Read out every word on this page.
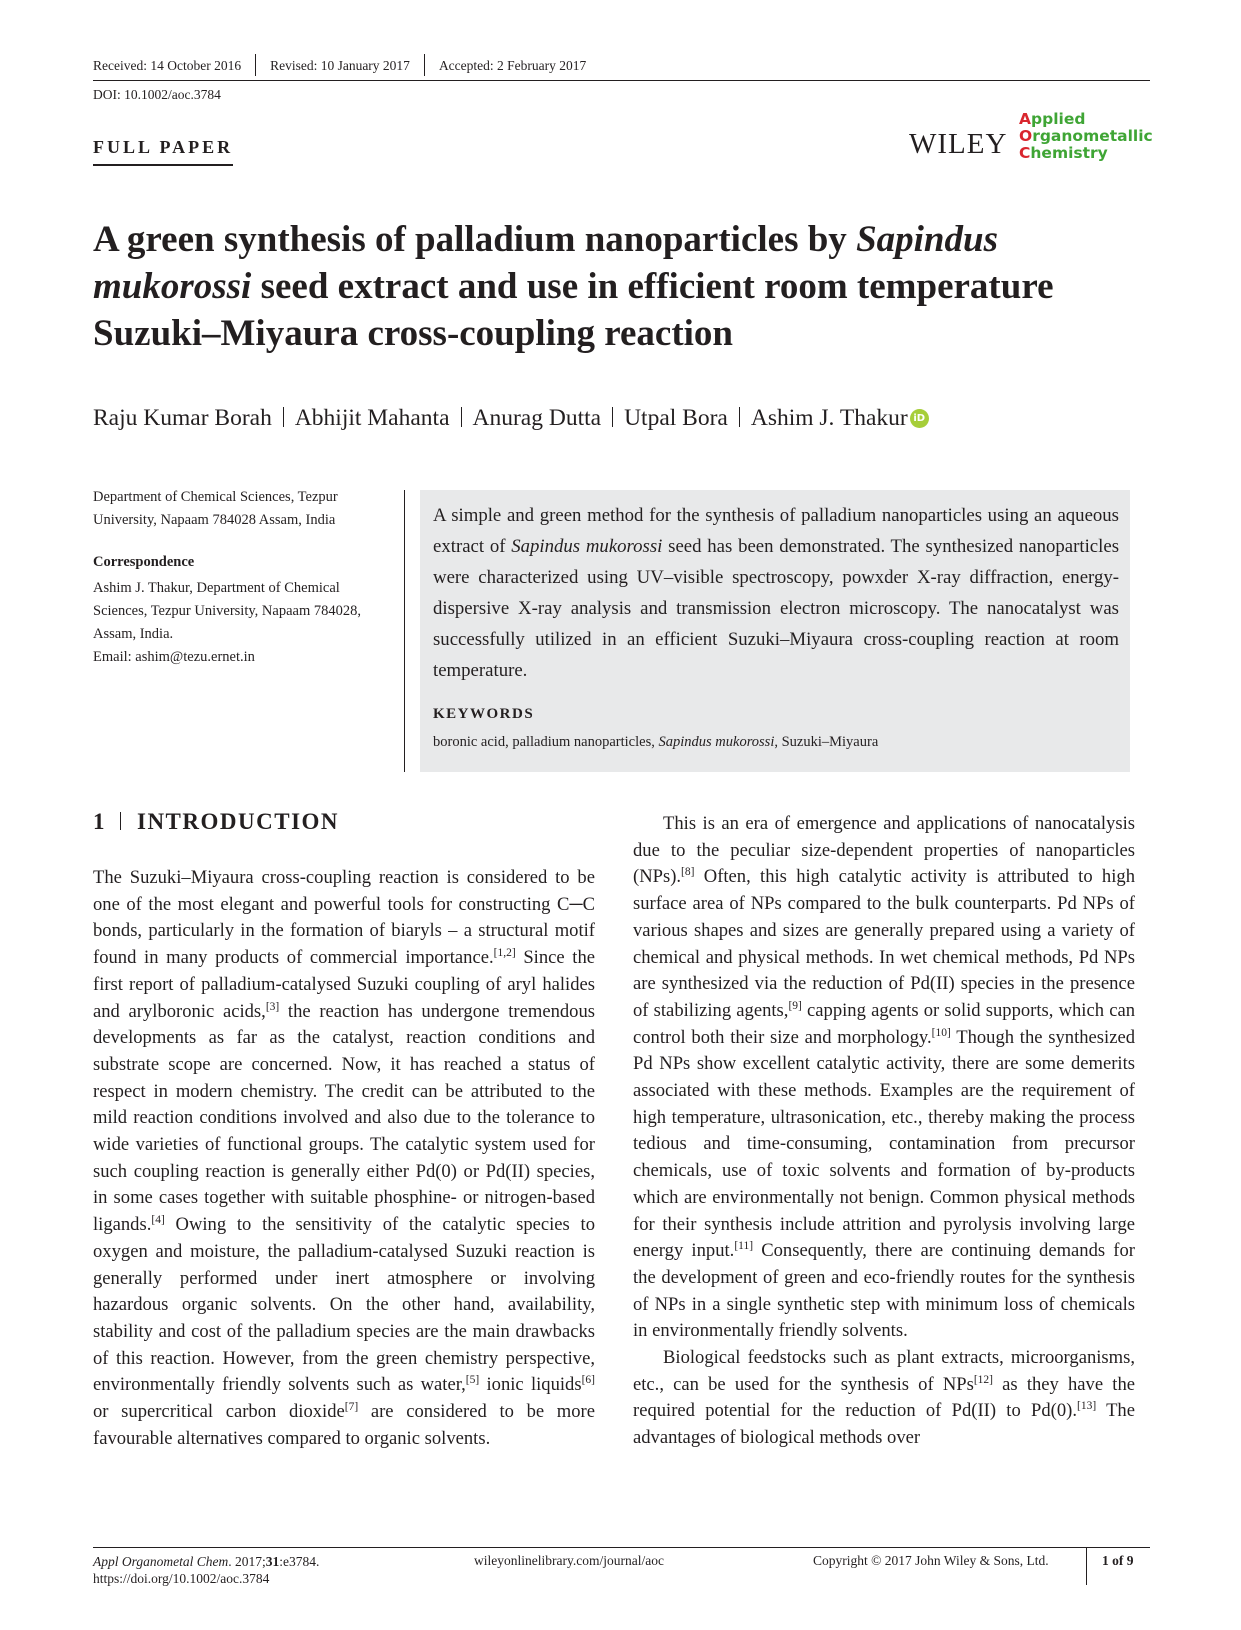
Received: 14 October 2016 Revised: 10 January 2017 Accepted: 2 February 2017
DOI: 10.1002/aoc.3784
FULL PAPER	WILEY
Applied
Organometallic
Chemistry
A green synthesis of palladium nanoparticles by Sapindus
mukorossi seed extract and use in efficient room temperature
Suzuki–Miyaura cross-coupling reaction
Raju Kumar Borah Abhijit Mahanta Anurag Dutta Utpal Bora Ashim J. Thakur iD
Department of Chemical Sciences, Tezpur University, Napaam 784028 Assam, India
Correspondence
Ashim J. Thakur, Department of Chemical Sciences, Tezpur University, Napaam 784028, Assam, India.
Email: ashim@tezu.ernet.in
A simple and green method for the synthesis of palladium nanoparticles using an aqueous extract of Sapindus mukorossi seed has been demonstrated. The synthesized nanoparticles were characterized using UV–visible spectroscopy, powxder X-ray diffraction, energy-dispersive X-ray analysis and transmission electron microscopy. The nanocatalyst was successfully utilized in an efficient Suzuki–Miyaura cross-coupling reaction at room temperature.
KEYWORDS
boronic acid, palladium nanoparticles, Sapindus mukorossi, Suzuki–Miyaura
1 INTRODUCTION

The Suzuki–Miyaura cross-coupling reaction is considered to be one of the most elegant and powerful tools for constructing C─C bonds, particularly in the formation of biaryls – a structural motif found in many products of commercial importance.[1,2] Since the first report of palladium-catalysed Suzuki coupling of aryl halides and arylboronic acids,[3] the reaction has undergone tremendous developments as far as the catalyst, reaction conditions and substrate scope are concerned. Now, it has reached a status of respect in modern chemistry. The credit can be attributed to the mild reaction conditions involved and also due to the tolerance to wide varieties of functional groups. The catalytic system used for such coupling reaction is generally either Pd(0) or Pd(II) species, in some cases together with suitable phosphine- or nitrogen-based ligands.[4] Owing to the sensitivity of the catalytic species to oxygen and moisture, the palladium-catalysed Suzuki reaction is generally performed under inert atmosphere or involving hazardous organic solvents. On the other hand, availability, stability and cost of the palladium species are the main drawbacks of this reaction. However, from the green chemistry perspective, environmentally friendly solvents such as water,[5] ionic liquids[6] or supercritical carbon dioxide[7] are considered to be more favourable alternatives compared to organic solvents.

This is an era of emergence and applications of nanocatalysis due to the peculiar size-dependent properties of nanoparticles (NPs).[8] Often, this high catalytic activity is attributed to high surface area of NPs compared to the bulk counterparts. Pd NPs of various shapes and sizes are generally prepared using a variety of chemical and physical methods. In wet chemical methods, Pd NPs are synthesized via the reduction of Pd(II) species in the presence of stabilizing agents,[9] capping agents or solid supports, which can control both their size and morphology.[10] Though the synthesized Pd NPs show excellent catalytic activity, there are some demerits associated with these methods. Examples are the requirement of high temperature, ultrasonication, etc., thereby making the process tedious and time-consuming, contamination from precursor chemicals, use of toxic solvents and formation of by-products which are environmentally not benign. Common physical methods for their synthesis include attrition and pyrolysis involving large energy input.[11] Consequently, there are continuing demands for the development of green and eco-friendly routes for the synthesis of NPs in a single synthetic step with minimum loss of chemicals in environmentally friendly solvents.

Biological feedstocks such as plant extracts, microorganisms, etc., can be used for the synthesis of NPs[12] as they have the required potential for the reduction of Pd(II) to Pd(0).[13] The advantages of biological methods over

Appl Organometal Chem. 2017;31:e3784.
https://doi.org/10.1002/aoc.3784
wileyonlinelibrary.com/journal/aoc	Copyright © 2017 John Wiley & Sons, Ltd.	1 of 9
